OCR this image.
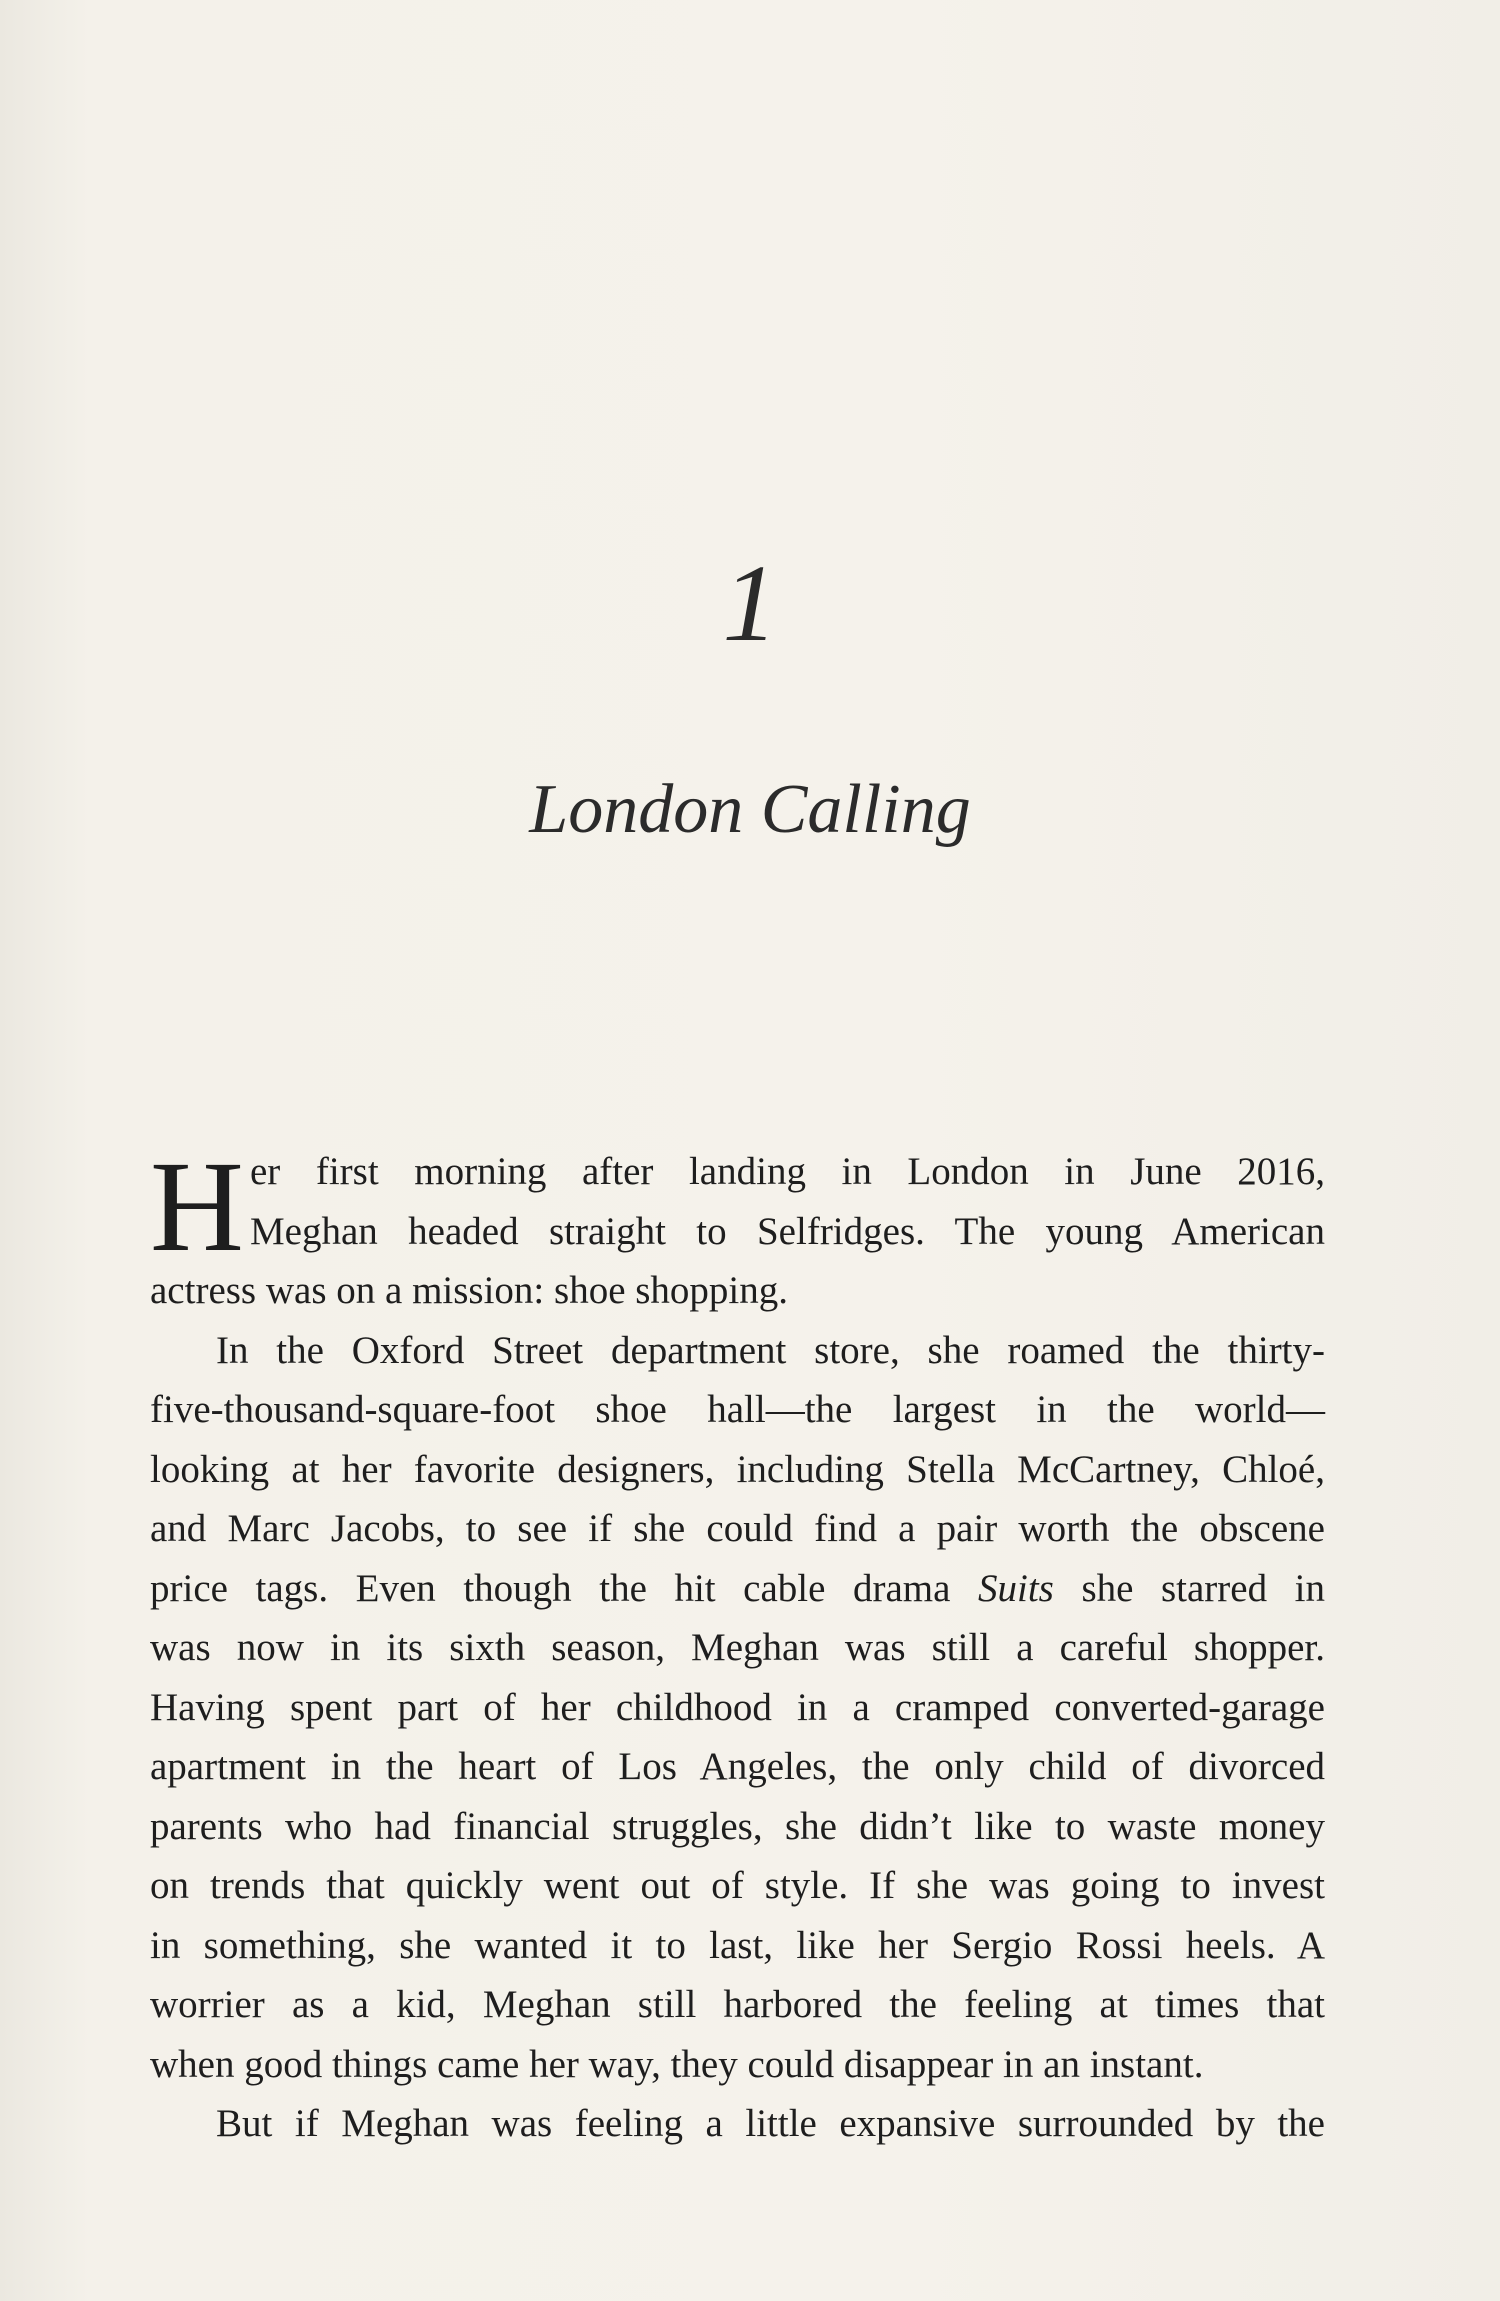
1
London Calling
H er first morning after landing in London in June 2016,
Meghan headed straight to Selfridges. The young American
actress was on a mission: shoe shopping.
In the Oxford Street department store, she roamed the thirty-
five-thousand-square-foot shoe hall—the largest in the world—
looking at her favorite designers, including Stella McCartney, Chloé,
and Marc Jacobs, to see if she could find a pair worth the obscene
price tags. Even though the hit cable drama Suits she starred in
was now in its sixth season, Meghan was still a careful shopper.
Having spent part of her childhood in a cramped converted-garage
apartment in the heart of Los Angeles, the only child of divorced
parents who had financial struggles, she didn’t like to waste money
on trends that quickly went out of style. If she was going to invest
in something, she wanted it to last, like her Sergio Rossi heels. A
worrier as a kid, Meghan still harbored the feeling at times that
when good things came her way, they could disappear in an instant.
But if Meghan was feeling a little expansive surrounded by the
